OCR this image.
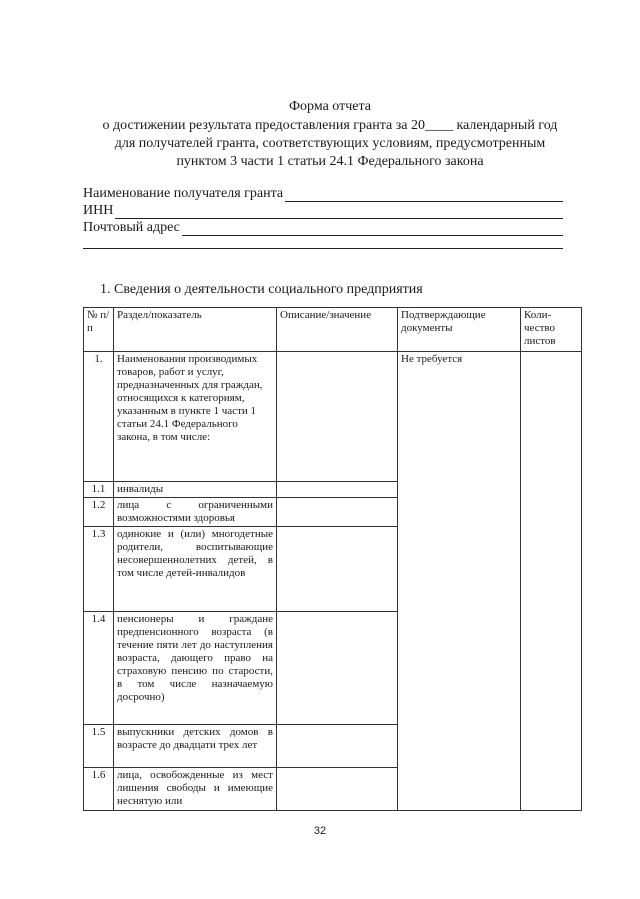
Форма отчета
о достижении результата предоставления гранта за 20____ календарный год
для получателей гранта, соответствующих условиям, предусмотренным
пунктом 3 части 1 статьи 24.1 Федерального закона
Наименование получателя гранта
ИНН
Почтовый адрес
1. Сведения о деятельности социального предприятия
№ п/п	Раздел/показатель	Описание/значение	Подтверждающие документы	Коли-чество листов
1.	Наименования производимых товаров, работ и услуг, предназначенных для граждан, относящихся к категориям, указанным в пункте 1 части 1 статьи 24.1 Федерального закона, в том числе:		Не требуется	
1.1	инвалиды			
1.2	лица с ограниченными возможностями здоровья			
1.3	одинокие и (или) многодетные родители, воспитывающие несовершеннолетних детей, в том числе детей-инвалидов			
1.4	пенсионеры и граждане предпенсионного возраста (в течение пяти лет до наступления возраста, дающего право на страховую пенсию по старости, в том числе назначаемую досрочно)			
1.5	выпускники детских домов в возрасте до двадцати трех лет			
1.6	лица, освобожденные из мест лишения свободы и имеющие неснятую или			
32
